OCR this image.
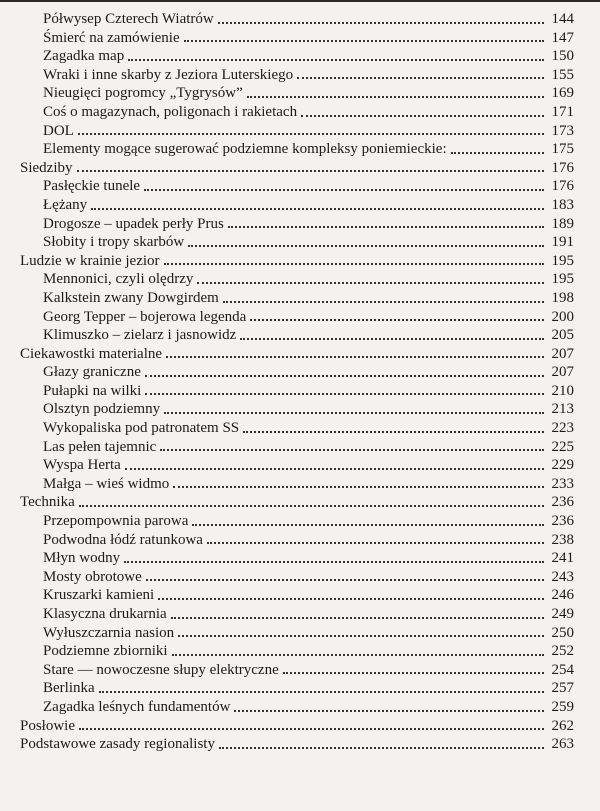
Półwysep Czterech Wiatrów	144
Śmierć na zamówienie	147
Zagadka map	150
Wraki i inne skarby z Jeziora Luterskiego	155
Nieugięci pogromcy „Tygrysów”	169
Coś o magazynach, poligonach i rakietach	171
DOL	173
Elementy mogące sugerować podziemne kompleksy poniemieckie:	175
Siedziby	176
Pasłęckie tunele	176
Łężany	183
Drogosze – upadek perły Prus	189
Słobity i tropy skarbów	191
Ludzie w krainie jezior	195
Mennonici, czyli olędrzy	195
Kalkstein zwany Dowgirdem	198
Georg Tepper – bojerowa legenda	200
Klimuszko – zielarz i jasnowidz	205
Ciekawostki materialne	207
Głazy graniczne	207
Pułapki na wilki	210
Olsztyn podziemny	213
Wykopaliska pod patronatem SS	223
Las pełen tajemnic	225
Wyspa Herta	229
Małga – wieś widmo	233
Technika	236
Przepompownia parowa	236
Podwodna łódź ratunkowa	238
Młyn wodny	241
Mosty obrotowe	243
Kruszarki kamieni	246
Klasyczna drukarnia	249
Wyłuszczarnia nasion	250
Podziemne zbiorniki	252
Stare — nowoczesne słupy elektryczne	254
Berlinka	257
Zagadka leśnych fundamentów	259
Posłowie	262
Podstawowe zasady regionalisty	263
